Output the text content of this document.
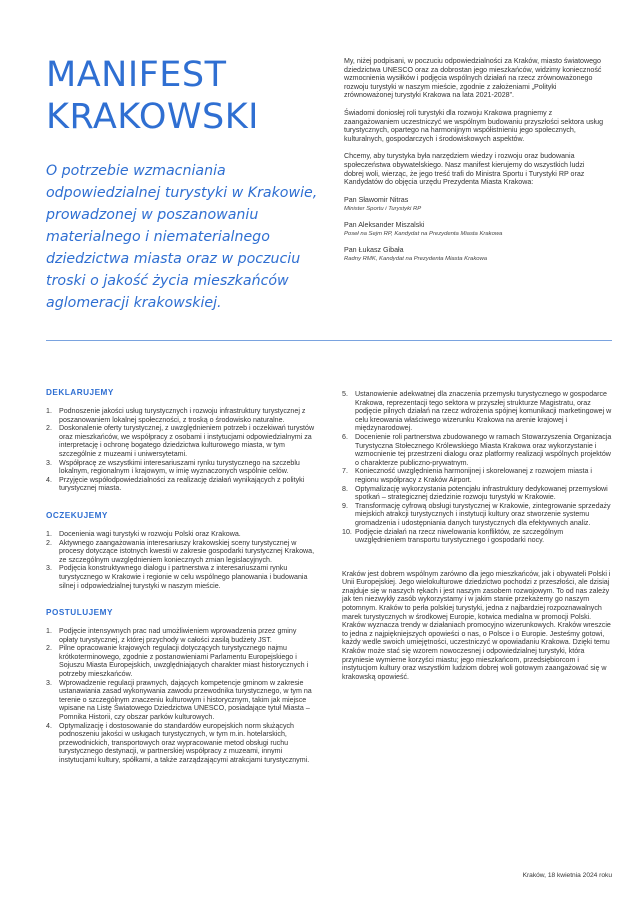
MANIFEST
KRAKOWSKI

O potrzebie wzmacniania odpowiedzialnej turystyki w Krakowie, prowadzonej w poszanowaniu materialnego i niematerialnego dziedzictwa miasta oraz w poczuciu troski o jakość życia mieszkańców aglomeracji krakowskiej.

My, niżej podpisani, w poczuciu odpowiedzialności za Kraków, miasto światowego dziedzictwa UNESCO oraz za dobrostan jego mieszkańców, widzimy konieczność wzmocnienia wysiłków i podjęcia wspólnych działań na rzecz zrównoważonego rozwoju turystyki w naszym mieście, zgodnie z założeniami „Polityki zrównoważonej turystyki Krakowa na lata 2021-2028”.

Świadomi doniosłej roli turystyki dla rozwoju Krakowa pragniemy z zaangażowaniem uczestniczyć we wspólnym budowaniu przyszłości sektora usług turystycznych, opartego na harmonijnym współistnieniu jego społecznych, kulturalnych, gospodarczych i środowiskowych aspektów.

Chcemy, aby turystyka była narzędziem wiedzy i rozwoju oraz budowania społeczeństwa obywatelskiego. Nasz manifest kierujemy do wszystkich ludzi dobrej woli, wierząc, że jego treść trafi do Ministra Sportu i Turystyki RP oraz Kandydatów do objęcia urzędu Prezydenta Miasta Krakowa:

Pan Sławomir Nitras
Minister Sportu i Turystyki RP
Pan Aleksander Miszalski
Poseł na Sejm RP, Kandydat na Prezydenta Miasta Krakowa
Pan Łukasz Gibała
Radny RMK, Kandydat na Prezydenta Miasta Krakowa
DEKLARUJEMY
1. Podnoszenie jakości usług turystycznych i rozwoju infrastruktury turystycznej z poszanowaniem lokalnej społeczności, z troską o środowisko naturalne.
2. Doskonalenie oferty turystycznej, z uwzględnieniem potrzeb i oczekiwań turystów oraz mieszkańców, we współpracy z osobami i instytucjami odpowiedzialnymi za interpretację i ochronę bogatego dziedzictwa kulturowego miasta, w tym szczególnie z muzeami i uniwersytetami.
3. Współpracę ze wszystkimi interesariuszami rynku turystycznego na szczeblu lokalnym, regionalnym i krajowym, w imię wyznaczonych wspólnie celów.
4. Przyjęcie współodpowiedzialności za realizację działań wynikających z polityki turystycznej miasta.
OCZEKUJEMY
1. Docenienia wagi turystyki w rozwoju Polski oraz Krakowa.
2. Aktywnego zaangażowania interesariuszy krakowskiej sceny turystycznej w procesy dotyczące istotnych kwestii w zakresie gospodarki turystycznej Krakowa, ze szczególnym uwzględnieniem koniecznych zmian legislacyjnych.
3. Podjęcia konstruktywnego dialogu i partnerstwa z interesariuszami rynku turystycznego w Krakowie i regionie w celu wspólnego planowania i budowania silnej i odpowiedzialnej turystyki w naszym mieście.
POSTULUJEMY
1. Podjęcie intensywnych prac nad umożliwieniem wprowadzenia przez gminy opłaty turystycznej, z której przychody w całości zasilą budżety JST.
2. Pilne opracowanie krajowych regulacji dotyczących turystycznego najmu krótkoterminowego, zgodnie z postanowieniami Parlamentu Europejskiego i Sojuszu Miasta Europejskich, uwzględniających charakter miast historycznych i potrzeby mieszkańców.
3. Wprowadzenie regulacji prawnych, dających kompetencje gminom w zakresie ustanawiania zasad wykonywania zawodu przewodnika turystycznego, w tym na terenie o szczególnym znaczeniu kulturowym i historycznym, takim jak miejsce wpisane na Listę Światowego Dziedzictwa UNESCO, posiadające tytuł Miasta – Pomnika Historii, czy obszar parków kulturowych.
4. Optymalizację i dostosowanie do standardów europejskich norm służących podnoszeniu jakości w usługach turystycznych, w tym m.in. hotelarskich, przewodnickich, transportowych oraz wypracowanie metod obsługi ruchu turystycznego destynacji, w partnerskiej współpracy z muzeami, innymi instytucjami kultury, spółkami, a także zarządzającymi atrakcjami turystycznymi.
5. Ustanowienie adekwatnej dla znaczenia przemysłu turystycznego w gospodarce Krakowa, reprezentacji tego sektora w przyszłej strukturze Magistratu, oraz podjęcie pilnych działań na rzecz wdrożenia spójnej komunikacji marketingowej w celu kreowania właściwego wizerunku Krakowa na arenie krajowej i międzynarodowej.
6. Docenienie roli partnerstwa zbudowanego w ramach Stowarzyszenia Organizacja Turystyczna Stołecznego Królewskiego Miasta Krakowa oraz wykorzystanie i wzmocnienie tej przestrzeni dialogu oraz platformy realizacji wspólnych projektów o charakterze publiczno-prywatnym.
7. Konieczność uwzględnienia harmonijnej i skorelowanej z rozwojem miasta i regionu współpracy z Kraków Airport.
8. Optymalizację wykorzystania potencjału infrastruktury dedykowanej przemysłowi spotkań – strategicznej dziedzinie rozwoju turystyki w Krakowie.
9. Transformację cyfrową obsługi turystycznej w Krakowie, zintegrowanie sprzedaży miejskich atrakcji turystycznych i instytucji kultury oraz stworzenie systemu gromadzenia i udostępniania danych turystycznych dla efektywnych analiz.
10. Podjęcie działań na rzecz niwelowania konfliktów, ze szczególnym uwzględnieniem transportu turystycznego i gospodarki nocy.

Kraków jest dobrem wspólnym zarówno dla jego mieszkańców, jak i obywateli Polski i Unii Europejskiej. Jego wielokulturowe dziedzictwo pochodzi z przeszłości, ale dzisiaj znajduje się w naszych rękach i jest naszym zasobem rozwojowym. To od nas zależy jak ten niezwykły zasób wykorzystamy i w jakim stanie przekażemy go naszym potomnym. Kraków to perła polskiej turystyki, jedna z najbardziej rozpoznawalnych marek turystycznych w środkowej Europie, kotwica medialna w promocji Polski. Kraków wyznacza trendy w działaniach promocyjno wizerunkowych. Kraków wreszcie to jedna z najpiękniejszych opowieści o nas, o Polsce i o Europie. Jesteśmy gotowi, każdy wedle swoich umiejętności, uczestniczyć w opowiadaniu Krakowa. Dzięki temu Kraków może stać się wzorem nowoczesnej i odpowiedzialnej turystyki, która przyniesie wymierne korzyści miastu; jego mieszkańcom, przedsiębiorcom i instytucjom kultury oraz wszystkim ludziom dobrej woli gotowym zaangażować się w krakowską opowieść.

Kraków, 18 kwietnia 2024 roku
